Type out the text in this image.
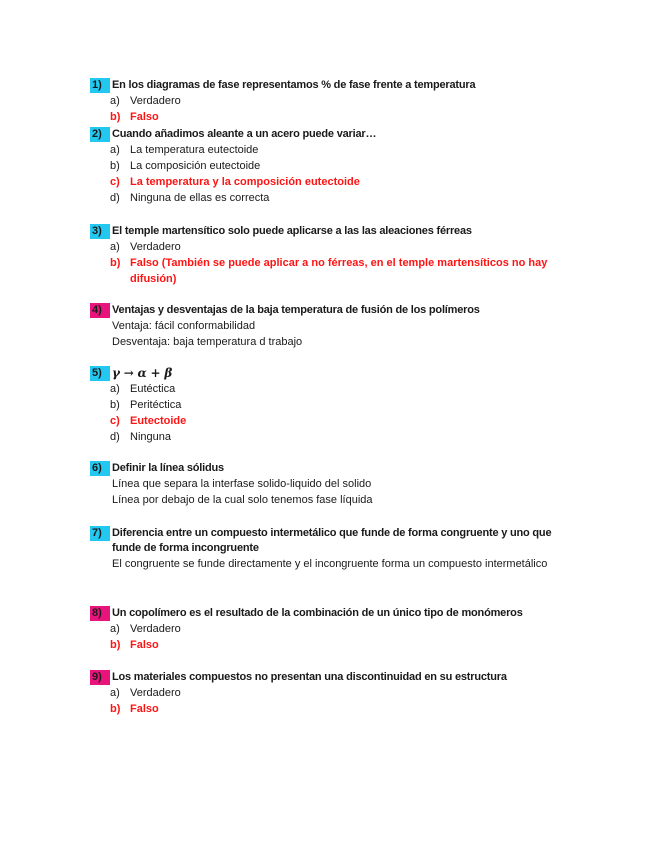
1) En los diagramas de fase representamos % de fase frente a temperatura
a) Verdadero
b) Falso
2) Cuando añadimos aleante a un acero puede variar…
a) La temperatura eutectoide
b) La composición eutectoide
c) La temperatura y la composición eutectoide
d) Ninguna de ellas es correcta
3) El temple martensítico solo puede aplicarse a las las aleaciones férreas
a) Verdadero
b) Falso (También se puede aplicar a no férreas, en el temple martensíticos no hay difusión)
4) Ventajas y desventajas de la baja temperatura de fusión de los polímeros
Ventaja: fácil conformabilidad
Desventaja: baja temperatura d trabajo
5) γ → α + β
a) Eutéctica
b) Peritéctica
c) Eutectoide
d) Ninguna
6) Definir la línea sólidus
Línea que separa la interfase solido-liquido del solido
Línea por debajo de la cual solo tenemos fase líquida
7) Diferencia entre un compuesto intermetálico que funde de forma congruente y uno que funde de forma incongruente
El congruente se funde directamente y el incongruente forma un compuesto intermetálico
8) Un copolímero es el resultado de la combinación de un único tipo de monómeros
a) Verdadero
b) Falso
9) Los materiales compuestos no presentan una discontinuidad en su estructura
a) Verdadero
b) Falso
